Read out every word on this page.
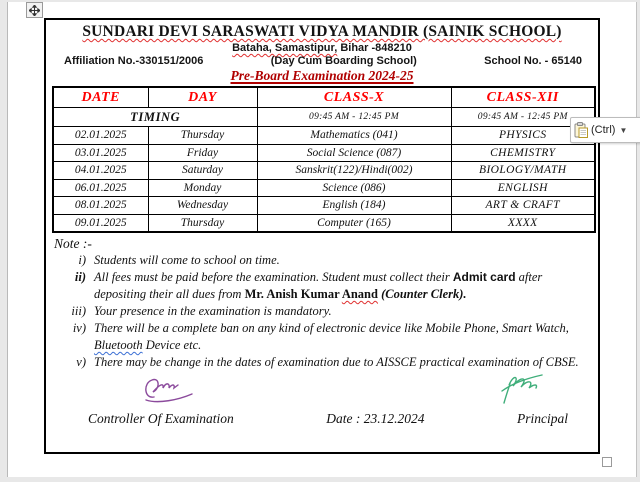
SUNDARI DEVI SARASWATI VIDYA MANDIR (SAINIK SCHOOL)
Bataha, Samastipur, Bihar -848210
Affiliation No.-330151/2006	(Day Cum Boarding School)	School No. - 65140
Pre-Board Examination 2024-25
DATE	DAY	CLASS-X	CLASS-XII
TIMING		09:45 AM - 12:45 PM	09:45 AM - 12:45 PM
02.01.2025	Thursday	Mathematics (041)	PHYSICS
03.01.2025	Friday	Social Science (087)	CHEMISTRY
04.01.2025	Saturday	Sanskrit(122)/Hindi(002)	BIOLOGY/MATH
06.01.2025	Monday	Science (086)	ENGLISH
08.01.2025	Wednesday	English (184)	ART & CRAFT
09.01.2025	Thursday	Computer (165)	XXXX
Note :-
i) Students will come to school on time.
ii) All fees must be paid before the examination. Student must collect their Admit card after depositing their all dues from Mr. Anish Kumar Anand (Counter Clerk).
iii) Your presence in the examination is mandatory.
iv) There will be a complete ban on any kind of electronic device like Mobile Phone, Smart Watch, Bluetooth Device etc.
v) There may be change in the dates of examination due to AISSCE practical examination of CBSE.
Controller Of Examination	Date : 23.12.2024	Principal
(Ctrl) ▼
